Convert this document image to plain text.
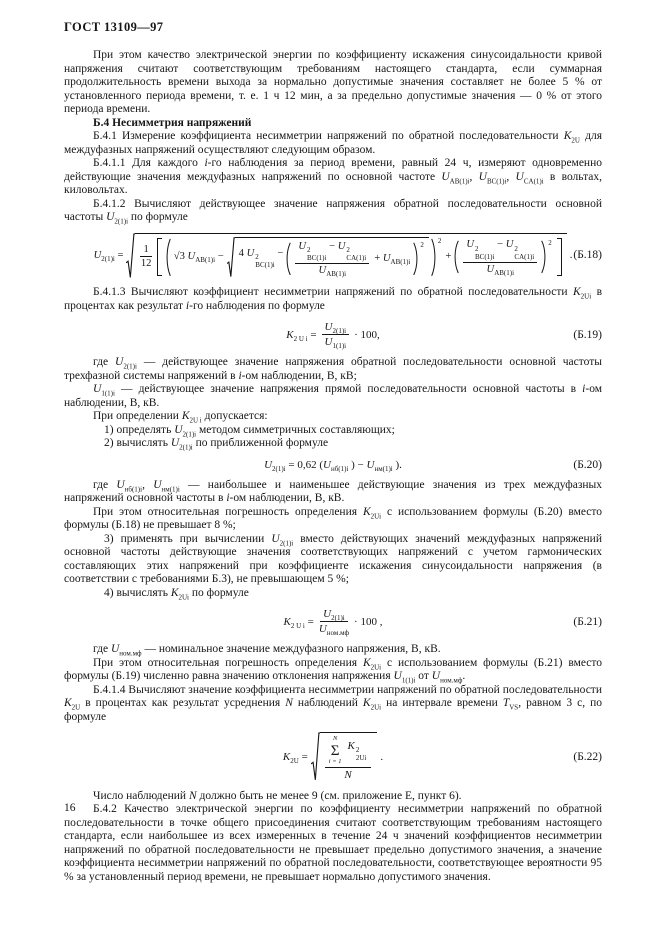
ГОСТ 13109—97

При этом качество электрической энергии по коэффициенту искажения синусоидальности кривой напряжения считают соответствующим требованиям настоящего стандарта, если суммарная продолжительность времени выхода за нормально допустимые значения составляет не более 5 % от установленного периода времени, т. е. 1 ч 12 мин, а за предельно допустимые значения — 0 % от этого периода времени.

Б.4 Несимметрия напряжений

Б.4.1 Измерение коэффициента несимметрии напряжений по обратной последовательности $K_{2U}$ для междуфазных напряжений осуществляют следующим образом.

Б.4.1.1 Для каждого i-го наблюдения за период времени, равный 24 ч, измеряют одновременно действующие значения междуфазных напряжений по основной частоте $U_{AB(1)i}$, $U_{BC(1)i}$, $U_{CA(1)i}$ в вольтах, киловольтах.

Б.4.1.2 Вычисляют действующее значение напряжения обратной последовательности основной частоты $U_{2(1)i}$ по формуле

$U_{2(1)i} = \frac{1}{12} √3$ $U_{AB(1)i} - 4$ U 2
BC(1)i
− U 2
BC(1)i
− U 2
CA(1)i
$U_{AB(1)i} + U_{AB(1)i}$
2 2
+ U 2
BC(1)i
− U 2
CA(1)i
$U_{AB(1)i}$ 2
. (Б.18)

Б.4.1.3 Вычисляют коэффициент несимметрии напряжений по обратной последовательности $K_{2Ui}$ в процентах как результат i-го наблюдения по формуле

$K_{2 U i} = \frac{U_{2(1)i}}{U_{1(1)i}} \cdot 100$,	(Б.19)

где $U_{2(1)i}$ — действующее значение напряжения обратной последовательности основной частоты трехфазной системы напряжений в i-ом наблюдении, В, кВ;

$U_{1(1)i}$ — действующее значение напряжения прямой последовательности основной частоты в i-ом наблюдении, В, кВ.

При определении $K_{2U i}$ допускается:

1) определять $U_{2(1)i}$ методом симметричных составляющих;

2) вычислять $U_{2(1)i}$ по приближенной формуле

$U_{2(1)i} = 0,62$ ($U_{нб(1)i}$ ) − $U_{нм(1)i}$ ).	(Б.20)

где $U_{нб(1)i}$, $U_{нм(1)i}$ — наибольшее и наименьшее действующие значения из трех междуфазных напряжений основной частоты в i-ом наблюдении, В, кВ.

При этом относительная погрешность определения $K_{2Ui}$ с использованием формулы (Б.20) вместо формулы (Б.18) не превышает 8 %;

3) применять при вычислении $U_{2(1)i}$ вместо действующих значений междуфазных напряжений основной частоты действующие значения соответствующих напряжений с учетом гармонических составляющих этих напряжений при коэффициенте искажения синусоидальности напряжения (в соответствии с требованиями Б.3), не превышающем 5 %;

4) вычислять $K_{2Ui}$ по формуле

$K_{2 U i} = \frac{U_{2(1)i}}{U_{ном.мф}} \cdot 100$ ,	(Б.21)

где $U_{ном.мф}$ — номинальное значение междуфазного напряжения, В, кВ.

При этом относительная погрешность определения $K_{2Ui}$ с использованием формулы (Б.21) вместо формулы (Б.19) численно равна значению отклонения напряжения $U_{1(1)i}$ от $U_{ном.мф}$.

Б.4.1.4 Вычисляют значение коэффициента несимметрии напряжений по обратной последовательности $K_{2U}$ в процентах как результат усреднения N наблюдений $K_{2Ui}$ на интервале времени $T_{VS}$, равном 3 с, по формуле

$K_{2U}$ =
N
Σ
i = 1
K 2
2Ui
N
.	(Б.22)

Число наблюдений N должно быть не менее 9 (см. приложение Е, пункт 6).

Б.4.2 Качество электрической энергии по коэффициенту несимметрии напряжений по обратной последовательности в точке общего присоединения считают соответствующим требованиям настоящего стандарта, если наибольшее из всех измеренных в течение 24 ч значений коэффициентов несимметрии напряжений по обратной последовательности не превышает предельно допустимого значения, а значение коэффициента несимметрии напряжений по обратной последовательности, соответствующее вероятности 95 % за установленный период времени, не превышает нормально допустимого значения.

16
